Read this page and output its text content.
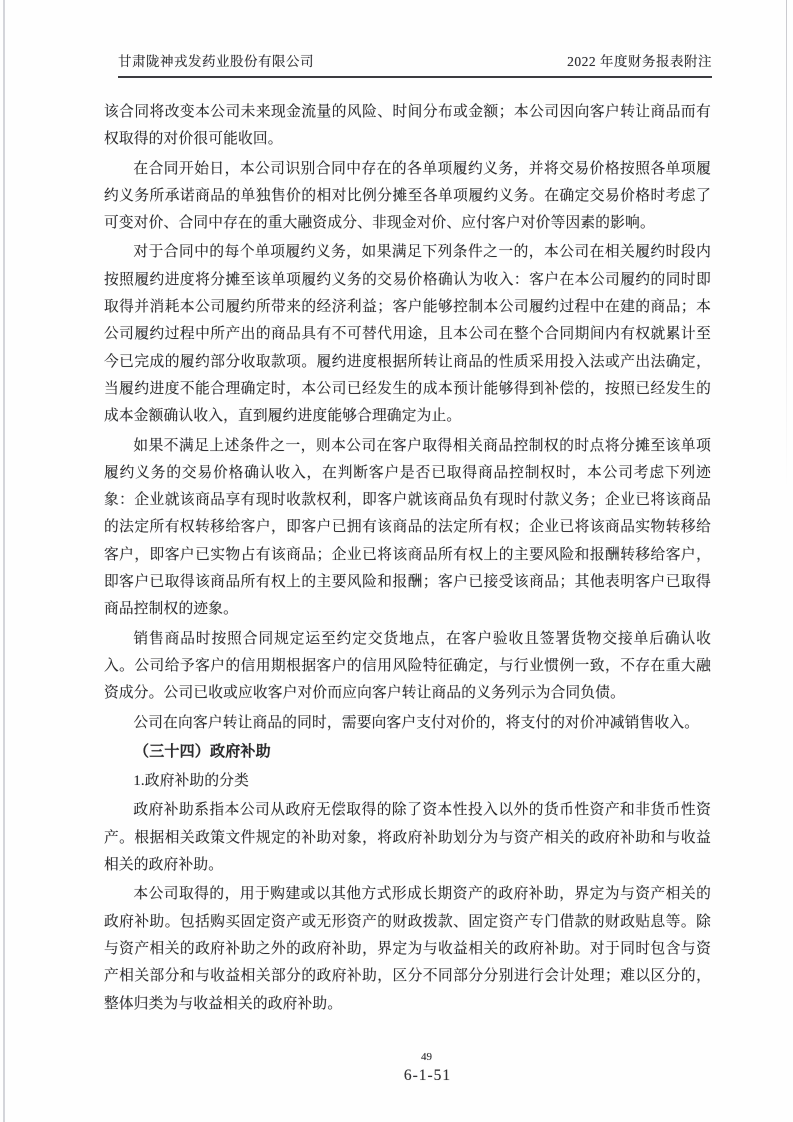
甘肃陇神戎发药业股份有限公司	2022 年度财务报表附注

该合同将改变本公司未来现金流量的风险、时间分布或金额；本公司因向客户转让商品而有权取得的对价很可能收回。

在合同开始日，本公司识别合同中存在的各单项履约义务，并将交易价格按照各单项履约义务所承诺商品的单独售价的相对比例分摊至各单项履约义务。在确定交易价格时考虑了可变对价、合同中存在的重大融资成分、非现金对价、应付客户对价等因素的影响。

对于合同中的每个单项履约义务，如果满足下列条件之一的，本公司在相关履约时段内按照履约进度将分摊至该单项履约义务的交易价格确认为收入：客户在本公司履约的同时即取得并消耗本公司履约所带来的经济利益；客户能够控制本公司履约过程中在建的商品；本公司履约过程中所产出的商品具有不可替代用途，且本公司在整个合同期间内有权就累计至今已完成的履约部分收取款项。履约进度根据所转让商品的性质采用投入法或产出法确定，当履约进度不能合理确定时，本公司已经发生的成本预计能够得到补偿的，按照已经发生的成本金额确认收入，直到履约进度能够合理确定为止。

如果不满足上述条件之一，则本公司在客户取得相关商品控制权的时点将分摊至该单项履约义务的交易价格确认收入，在判断客户是否已取得商品控制权时，本公司考虑下列迹象：企业就该商品享有现时收款权利，即客户就该商品负有现时付款义务；企业已将该商品的法定所有权转移给客户，即客户已拥有该商品的法定所有权；企业已将该商品实物转移给客户，即客户已实物占有该商品；企业已将该商品所有权上的主要风险和报酬转移给客户，即客户已取得该商品所有权上的主要风险和报酬；客户已接受该商品；其他表明客户已取得商品控制权的迹象。

销售商品时按照合同规定运至约定交货地点，在客户验收且签署货物交接单后确认收入。公司给予客户的信用期根据客户的信用风险特征确定，与行业惯例一致，不存在重大融资成分。公司已收或应收客户对价而应向客户转让商品的义务列示为合同负债。

公司在向客户转让商品的同时，需要向客户支付对价的，将支付的对价冲减销售收入。

（三十四）政府补助

1.政府补助的分类

政府补助系指本公司从政府无偿取得的除了资本性投入以外的货币性资产和非货币性资产。根据相关政策文件规定的补助对象，将政府补助划分为与资产相关的政府补助和与收益相关的政府补助。

本公司取得的，用于购建或以其他方式形成长期资产的政府补助，界定为与资产相关的政府补助。包括购买固定资产或无形资产的财政拨款、固定资产专门借款的财政贴息等。除与资产相关的政府补助之外的政府补助，界定为与收益相关的政府补助。对于同时包含与资产相关部分和与收益相关部分的政府补助，区分不同部分分别进行会计处理；难以区分的，整体归类为与收益相关的政府补助。

49
6-1-51
